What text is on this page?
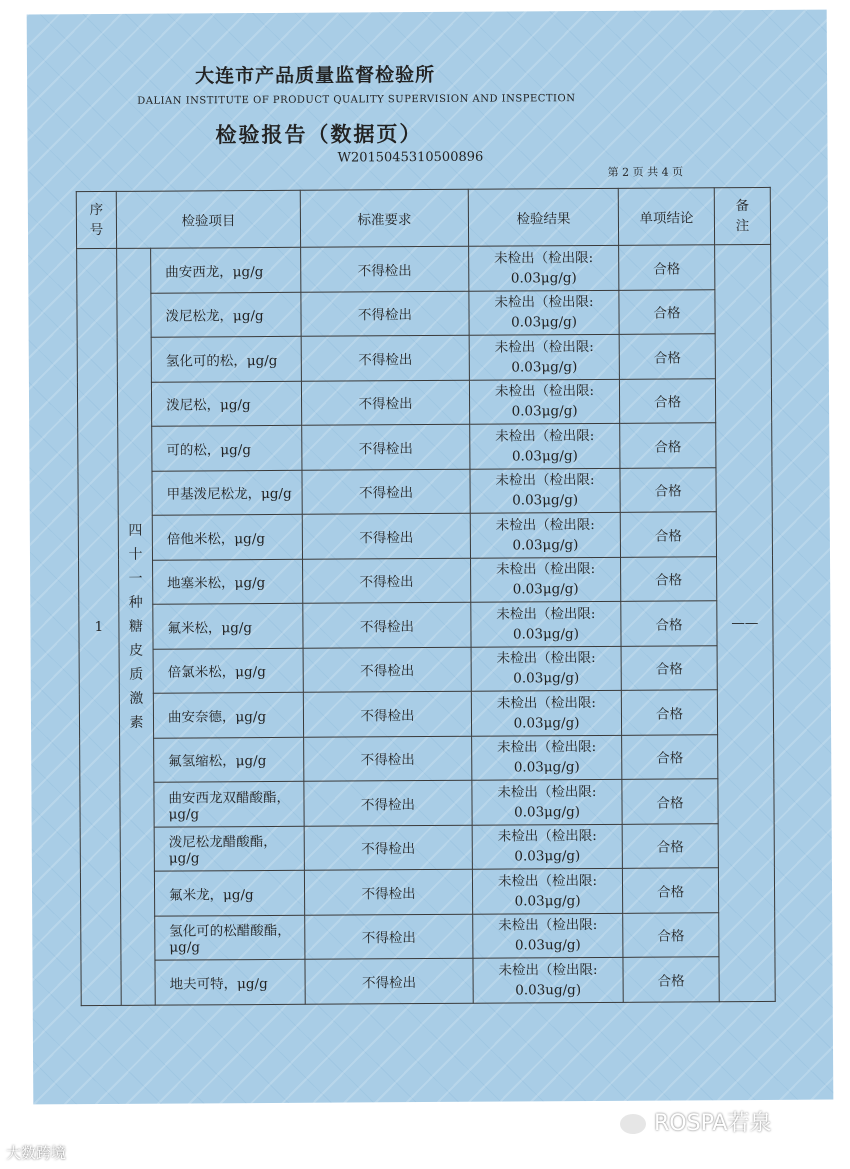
大连市产品质量监督检验所
DALIAN INSTITUTE OF PRODUCT QUALITY SUPERVISION AND INSPECTION
检验报告（数据页）
W2015045310500896
第 2 页 共 4 页
序号	检验项目		标准要求	检验结果	单项结论	备注
1	四十一种糖皮质激素	曲安西龙，μg/g	不得检出	未检出（检出限:
0.03μg/g)	合格	——
		泼尼松龙，μg/g	不得检出	未检出（检出限:
0.03μg/g)	合格	
		氢化可的松，μg/g	不得检出	未检出（检出限:
0.03μg/g)	合格	
		泼尼松，μg/g	不得检出	未检出（检出限:
0.03μg/g)	合格	
		可的松，μg/g	不得检出	未检出（检出限:
0.03μg/g)	合格	
		甲基泼尼松龙，μg/g	不得检出	未检出（检出限:
0.03μg/g)	合格	
		倍他米松，μg/g	不得检出	未检出（检出限:
0.03μg/g)	合格	
		地塞米松，μg/g	不得检出	未检出（检出限:
0.03μg/g)	合格	
		氟米松，μg/g	不得检出	未检出（检出限:
0.03μg/g)	合格	
		倍氯米松，μg/g	不得检出	未检出（检出限:
0.03μg/g)	合格	
		曲安奈德，μg/g	不得检出	未检出（检出限:
0.03μg/g)	合格	
		氟氢缩松，μg/g	不得检出	未检出（检出限:
0.03μg/g)	合格	
		曲安西龙双醋酸酯，μg/g	不得检出	未检出（检出限:
0.03μg/g)	合格	
		泼尼松龙醋酸酯，μg/g	不得检出	未检出（检出限:
0.03μg/g)	合格	
		氟米龙，μg/g	不得检出	未检出（检出限:
0.03μg/g)	合格	
		氢化可的松醋酸酯，μg/g	不得检出	未检出（检出限:
0.03ug/g)	合格	
		地夫可特，μg/g	不得检出	未检出（检出限:
0.03ug/g)	合格	
ROSPA若泉
大数跨境
